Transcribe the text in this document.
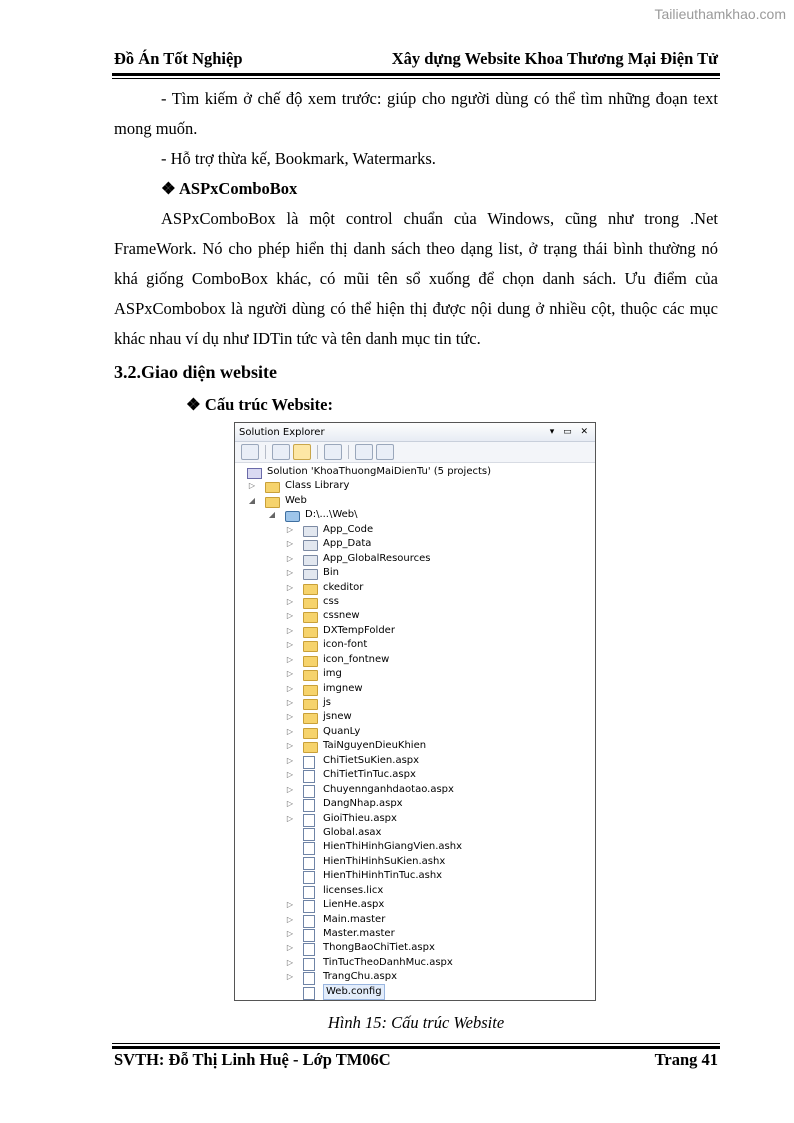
Tailieuthamkhao.com
Đồ Án Tốt Nghiệp	Xây dựng Website Khoa Thương Mại Điện Tử
- Tìm kiếm ở chế độ xem trước: giúp cho người dùng có thể tìm những đoạn text mong muốn.
- Hỗ trợ thừa kế, Bookmark, Watermarks.
❖ ASPxComboBox
ASPxComboBox là một control chuẩn của Windows, cũng như trong .Net FrameWork. Nó cho phép hiển thị danh sách theo dạng list, ở trạng thái bình thường nó khá giống ComboBox khác, có mũi tên sổ xuống để chọn danh sách. Ưu điểm của ASPxCombobox là người dùng có thể hiện thị được nội dung ở nhiều cột, thuộc các mục khác nhau ví dụ như IDTin tức và tên danh mục tin tức.
3.2.Giao diện website
❖ Cấu trúc Website:
Solution Explorer	▾ ▭ ✕
Solution 'KhoaThuongMaiDienTu' (5 projects)
▷	Class Library
◢	Web
◢	D:\...\Web\
▷	App_Code
▷	App_Data
▷	App_GlobalResources
▷	Bin
▷	ckeditor
▷	css
▷	cssnew
▷	DXTempFolder
▷	icon-font
▷	icon_fontnew
▷	img
▷	imgnew
▷	js
▷	jsnew
▷	QuanLy
▷	TaiNguyenDieuKhien
▷	ChiTietSuKien.aspx
▷	ChiTietTinTuc.aspx
▷	Chuyennganhdaotao.aspx
▷	DangNhap.aspx
▷	GioiThieu.aspx
Global.asax
HienThiHinhGiangVien.ashx
HienThiHinhSuKien.ashx
HienThiHinhTinTuc.ashx
licenses.licx
▷	LienHe.aspx
▷	Main.master
▷	Master.master
▷	ThongBaoChiTiet.aspx
▷	TinTucTheoDanhMuc.aspx
▷	TrangChu.aspx
Web.config
Hình 15: Cấu trúc Website
SVTH: Đỗ Thị Linh Huệ - Lớp TM06C	Trang 41
